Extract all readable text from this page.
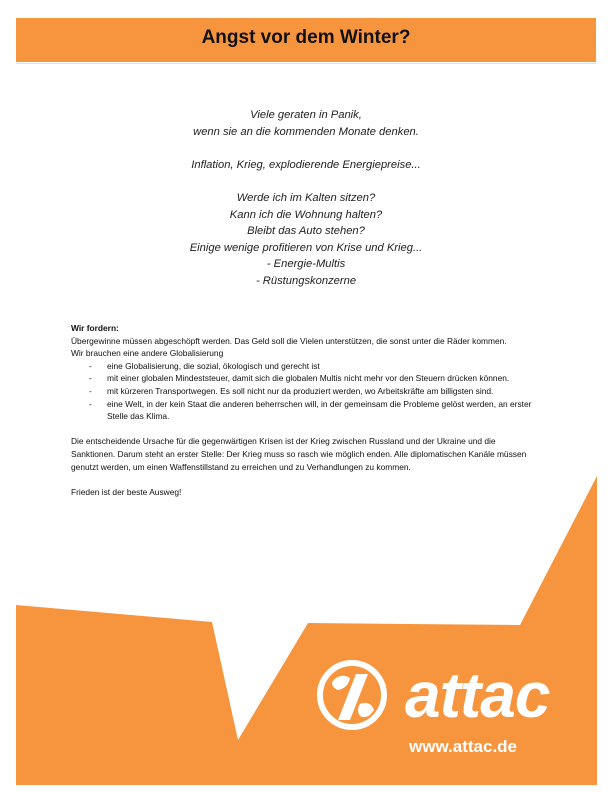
Angst vor dem Winter?
Viele geraten in Panik,
wenn sie an die kommenden Monate denken.
Inflation, Krieg, explodierende Energiepreise...
Werde ich im Kalten sitzen?
Kann ich die Wohnung halten?
Bleibt das Auto stehen?
Einige wenige profitieren von Krise und Krieg...
- Energie-Multis
- Rüstungskonzerne
Wir fordern:
Übergewinne müssen abgeschöpft werden. Das Geld soll die Vielen unterstützen, die sonst unter die Räder kommen.
Wir brauchen eine andere Globalisierung
- eine Globalisierung, die sozial, ökologisch und gerecht ist
- mit einer globalen Mindeststeuer, damit sich die globalen Multis nicht mehr vor den Steuern drücken können.
- mit kürzeren Transportwegen. Es soll nicht nur da produziert werden, wo Arbeitskräfte am billigsten sind.
- eine Welt, in der kein Staat die anderen beherrschen will, in der gemeinsam die Probleme gelöst werden, an erster Stelle das Klima.
Die entscheidende Ursache für die gegenwärtigen Krisen ist der Krieg zwischen Russland und der Ukraine und die Sanktionen. Darum steht an erster Stelle: Der Krieg muss so rasch wie möglich enden. Alle diplomatischen Kanäle müssen genutzt werden, um einen Waffenstillstand zu erreichen und zu Verhandlungen zu kommen.
Frieden ist der beste Ausweg!
attac
www.attac.de
